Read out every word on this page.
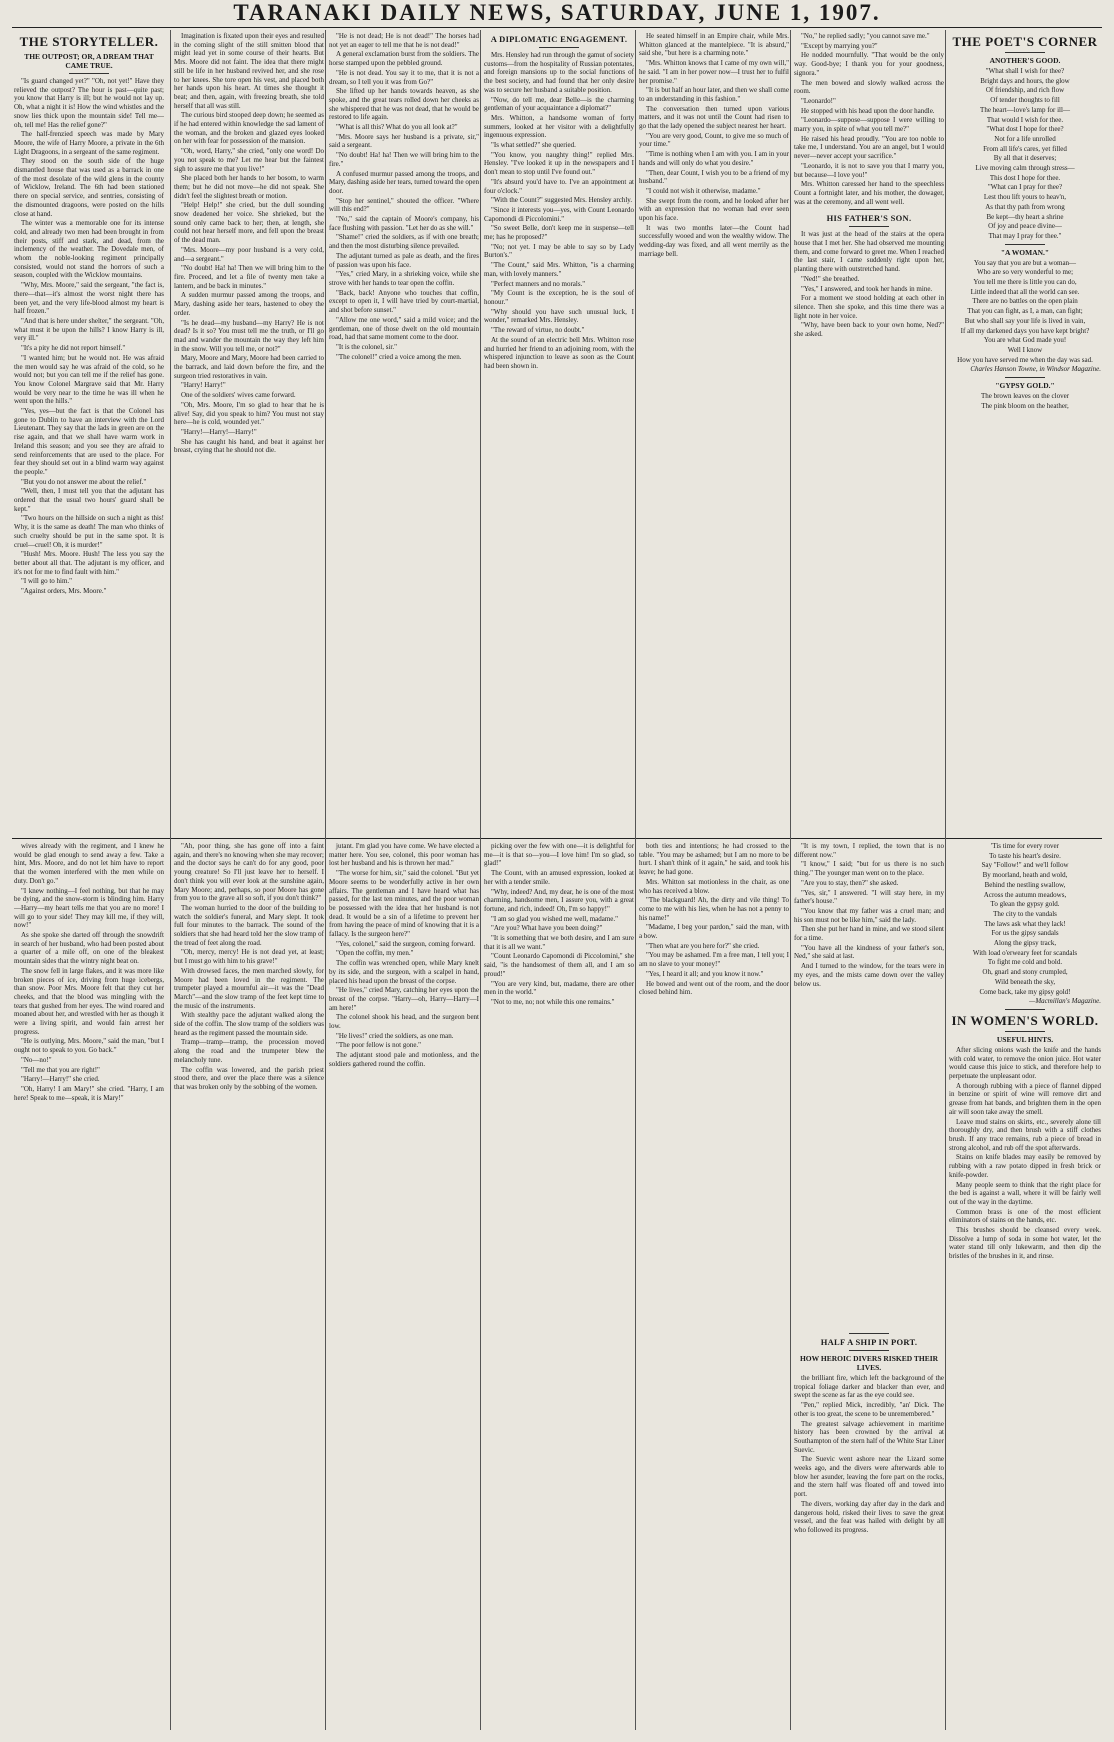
TARANAKI DAILY NEWS, SATURDAY, JUNE 1, 1907.
THE STORYTELLER.
THE OUTPOST; OR, A DREAM THAT CAME TRUE.

"Is guard changed yet?" "Oh, not yet!" Have they relieved the outpost? The hour is past—quite past; you know that Harry is ill; but he would not lay up. Oh, what a night it is! How the wind whistles and the snow lies thick upon the mountain side! Tell me—oh, tell me! Has the relief gone?"

The half-frenzied speech was made by Mary Moore, the wife of Harry Moore, a private in the 6th Light Dragoons, in a sergeant of the same regiment.

They stood on the south side of the huge dismantled house that was used as a barrack in one of the most desolate of the wild glens in the county of Wicklow, Ireland. The 6th had been stationed there on special service, and sentries, consisting of the dismounted dragoons, were posted on the hills close at hand.

The winter was a memorable one for its intense cold, and already two men had been brought in from their posts, stiff and stark, and dead, from the inclemency of the weather. The Dovedale men, of whom the noble-looking regiment principally consisted, would not stand the horrors of such a season, coupled with the Wicklow mountains.

"Why, Mrs. Moore," said the sergeant, "the fact is, there—that—it's almost the worst night there has been yet, and the very life-blood almost my heart is half frozen."

"And that is here under shelter," the sergeant. "Oh, what must it be upon the hills? I know Harry is ill, very ill."

"It's a pity he did not report himself."

"I wanted him; but he would not. He was afraid the men would say he was afraid of the cold, so he would not; but you can tell me if the relief has gone. You know Colonel Margrave said that Mr. Harry would be very near to the time he was ill when he went upon the hills."

"Yes, yes—but the fact is that the Colonel has gone to Dublin to have an interview with the Lord Lieutenant. They say that the lads in green are on the rise again, and that we shall have warm work in Ireland this season; and you see they are afraid to send reinforcements that are used to the place. For fear they should set out in a blind warm way against the people."

"But you do not answer me about the relief."

"Well, then, I must tell you that the adjutant has ordered that the usual two hours' guard shall be kept."

"Two hours on the hillside on such a night as this! Why, it is the same as death! The man who thinks of such cruelty should be put in the same spot. It is cruel—cruel! Oh, it is murder!"

"Hush! Mrs. Moore. Hush! The less you say the better about all that. The adjutant is my officer, and it's not for me to find fault with him."

"I will go to him."

"Against orders, Mrs. Moore."

Imagination is fixated upon their eyes and resulted in the coming slight of the still smitten blood that might lead yet in some course of their hearts. But Mrs. Moore did not faint. The idea that there might still be life in her husband revived her, and she rose to her knees. She tore open his vest, and placed both her hands upon his heart. At times she thought it beat; and then, again, with freezing breath, she told herself that all was still.

The curious bird stooped deep down; he seemed as if he had entered within knowledge the sad lament of the woman, and the broken and glazed eyes looked on her with fear for possession of the mansion.

"Oh, word, Harry," she cried, "only one word! Do you not speak to me? Let me hear but the faintest sigh to assure me that you live!"

She placed both her hands to her bosom, to warm them; but he did not move—he did not speak. She didn't feel the slightest breath or motion.

"Help! Help!" she cried, but the dull sounding snow deadened her voice. She shrieked, but the sound only came back to her; then, at length, she could not hear herself more, and fell upon the breast of the dead man.

"Mrs. Moore—my poor husband is a very cold, and—a sergeant."

"No doubt! Ha! ha! Then we will bring him to the fire. Proceed, and let a file of twenty men take a lantern, and be back in minutes."

A sudden murmur passed among the troops, and Mary, dashing aside her tears, hastened to obey the order.

"Is he dead—my husband—my Harry? He is not dead? Is it so? You must tell me the truth, or I'll go mad and wander the mountain the way they left him in the snow. Will you tell me, or not?"

Mary, Moore and Mary, Moore had been carried to the barrack, and laid down before the fire, and the surgeon tried restoratives in vain.

"Harry! Harry!"

One of the soldiers' wives came forward.

"Oh, Mrs. Moore, I'm so glad to hear that he is alive! Say, did you speak to him? You must not stay here—he is cold, wounded yet."

"Harry!—Harry!—Harry!"

She has caught his hand, and beat it against her breast, crying that he should not die.

"He is not dead; He is not dead!" The horses had not yet an eager to tell me that he is not dead!"

A general exclamation burst from the soldiers. The horse stamped upon the pebbled ground.

"He is not dead. You say it to me, that it is not a dream, so I tell you it was from Go?"

She lifted up her hands towards heaven, as she spoke, and the great tears rolled down her cheeks as she whispered that he was not dead, that he would be restored to life again.

"What is all this? What do you all look at?"

"Mrs. Moore says her husband is a private, sir," said a sergeant.

"No doubt! Ha! ha! Then we will bring him to the fire."

A confused murmur passed among the troops, and Mary, dashing aside her tears, turned toward the open door.

"Stop her sentinel," shouted the officer. "Where will this end?"

"No," said the captain of Moore's company, his face flushing with passion. "Let her do as she will."

"Shame!" cried the soldiers, as if with one breath; and then the most disturbing silence prevailed.

The adjutant turned as pale as death, and the fires of passion was upon his face.

"Yes," cried Mary, in a shrieking voice, while she strove with her hands to tear open the coffin.

"Back, back! Anyone who touches that coffin, except to open it, I will have tried by court-martial, and shot before sunset."

"Allow me one word," said a mild voice; and the gentleman, one of those dwelt on the old mountain road, had that same moment come to the door.

"It is the colonel, sir."

"The colonel!" cried a voice among the men.

A DIPLOMATIC ENGAGEMENT.

Mrs. Hensley had run through the gamut of society customs—from the hospitality of Russian potentates, and foreign mansions up to the social functions of the best society, and had found that her only desire was to secure her husband a suitable position.

"Now, do tell me, dear Belle—is the charming gentleman of your acquaintance a diplomat?"

Mrs. Whitton, a handsome woman of forty summers, looked at her visitor with a delightfully ingenuous expression.

"Is what settled?" she queried.

"You know, you naughty thing!" replied Mrs. Hensley. "I've looked it up in the newspapers and I don't mean to stop until I've found out."

"It's absurd you'd have to. I've an appointment at four o'clock."

"With the Count?" suggested Mrs. Hensley archly.

"Since it interests you—yes, with Count Leonardo Capomondi di Piccolomini."

"So sweet Belle, don't keep me in suspense—tell me; has he proposed?"

"No; not yet. I may be able to say so by Lady Burton's."

"The Count," said Mrs. Whitton, "is a charming man, with lovely manners."

"Perfect manners and no morals."

"My Count is the exception, he is the soul of honour."

"Why should you have such unusual luck, I wonder," remarked Mrs. Hensley.

"The reward of virtue, no doubt."

At the sound of an electric bell Mrs. Whitton rose and hurried her friend to an adjoining room, with the whispered injunction to leave as soon as the Count had been shown in.

He seated himself in an Empire chair, while Mrs. Whitton glanced at the mantelpiece. "It is absurd," said she, "but here is a charming note."

"Mrs. Whitton knows that I came of my own will," he said. "I am in her power now—I trust her to fulfil her promise."

"It is but half an hour later, and then we shall come to an understanding in this fashion."

The conversation then turned upon various matters, and it was not until the Count had risen to go that the lady opened the subject nearest her heart.

"You are very good, Count, to give me so much of your time."

"Time is nothing when I am with you. I am in your hands and will only do what you desire."

"Then, dear Count, I wish you to be a friend of my husband."

"I could not wish it otherwise, madame."

She swept from the room, and he looked after her with an expression that no woman had ever seen upon his face.

It was two months later—the Count had successfully wooed and won the wealthy widow. The wedding-day was fixed, and all went merrily as the marriage bell.

"No," he replied sadly; "you cannot save me."

"Except by marrying you?"

He nodded mournfully. "That would be the only way. Good-bye; I thank you for your goodness, signora."

The men bowed and slowly walked across the room.

"Leonardo!"

He stopped with his head upon the door handle.

"Leonardo—suppose—suppose I were willing to marry you, in spite of what you tell me?"

He raised his head proudly. "You are too noble to take me, I understand. You are an angel, but I would never—never accept your sacrifice."

"Leonardo, it is not to save you that I marry you, but because—I love you!"

Mrs. Whitton caressed her hand to the speechless Count a fortnight later, and his mother, the dowager, was at the ceremony, and all went well.

HIS FATHER'S SON.

It was just at the head of the stairs at the opera house that I met her. She had observed me mounting them, and come forward to greet me. When I reached the last stair, I came suddenly right upon her, planting there with outstretched hand.

"Ned!" she breathed.

"Yes," I answered, and took her hands in mine.

For a moment we stood holding at each other in silence. Then she spoke, and this time there was a light note in her voice.

"Why, have been back to your own home, Ned?" she asked.

THE POET'S CORNER
ANOTHER'S GOOD.

"What shall I wish for thee?

Bright days and hours, the glow

Of friendship, and rich flow

Of tender thoughts to fill

The heart—love's lamp for ill—

That would I wish for thee.

"What dost I hope for thee?

Not for a life unrolled

From all life's cares, yet filled

By all that it deserves;

Live moving calm through stress—

This dost I hope for thee.

"What can I pray for thee?

Lest thou lift yours to heav'n,

As that thy path from wrong

Be kept—thy heart a shrine

Of joy and peace divine—

That may I pray for thee."

"A WOMAN."

You say that you are but a woman—

Who are so very wonderful to me;

You tell me there is little you can do,

Little indeed that all the world can see.

There are no battles on the open plain

That you can fight, as I, a man, can fight;

But who shall say your life is lived in vain,

If all my darkened days you have kept bright?

You are what God made you!

Well I know

How you have served me when the day was sad.

Charles Hanson Towne, in Windsor Magazine.

"GYPSY GOLD."

The brown leaves on the clover

The pink bloom on the heather,

wives already with the regiment, and I knew he would be glad enough to send away a few. Take a hint, Mrs. Moore, and do not let him have to report that the women interfered with the men while on duty. Don't go."

"I knew nothing—I feel nothing, but that he may be dying, and the snow-storm is blinding him. Harry—Harry—my heart tells me that you are no more! I will go to your side! They may kill me, if they will, now!"

As she spoke she darted off through the snowdrift in search of her husband, who had been posted about a quarter of a mile off, on one of the bleakest mountain sides that the wintry night beat on.

The snow fell in large flakes, and it was more like broken pieces of ice, driving from huge icebergs, than snow. Poor Mrs. Moore felt that they cut her cheeks, and that the blood was mingling with the tears that gushed from her eyes. The wind roared and moaned about her, and wrestled with her as though it were a living spirit, and would fain arrest her progress.

"He is outlying, Mrs. Moore," said the man, "but I ought not to speak to you. Go back."

"No—no!"

"Tell me that you are right!"

"Harry!—Harry!" she cried.

"Oh, Harry! I am Mary!" she cried. "Harry, I am here! Speak to me—speak, it is Mary!"

"Ah, poor thing, she has gone off into a faint again, and there's no knowing when she may recover; and the doctor says he can't do for any good, poor young creature! So I'll just leave her to herself. I don't think you will ever look at the sunshine again, Mary Moore; and, perhaps, so poor Moore has gone from you to the grave all so soft, if you don't think?"

The woman hurried to the door of the building to watch the soldier's funeral, and Mary slept. It took full four minutes to the barrack. The sound of the soldiers that she had heard told her the slow tramp of the tread of feet along the road.

"Oh, mercy, mercy! He is not dead yet, at least; but I must go with him to his grave!"

With drowsed faces, the men marched slowly, for Moore had been loved in the regiment. The trumpeter played a mournful air—it was the "Dead March"—and the slow tramp of the feet kept time to the music of the instruments.

With stealthy pace the adjutant walked along the side of the coffin. The slow tramp of the soldiers was heard as the regiment passed the mountain side.

Tramp—tramp—tramp, the procession moved along the road and the trumpeter blew the melancholy tune.

The coffin was lowered, and the parish priest stood there, and over the place there was a silence that was broken only by the sobbing of the women.

jutant. I'm glad you have come. We have elected a matter here. You see, colonel, this poor woman has lost her husband and his is thrown her mad."

"The worse for him, sir," said the colonel. "But yet Moore seems to be wonderfully active in her own affairs. The gentleman and I have heard what has passed, for the last ten minutes, and the poor woman be possessed with the idea that her husband is not dead. It would be a sin of a lifetime to prevent her from having the peace of mind of knowing that it is a fallacy. Is the surgeon here?"

"Yes, colonel," said the surgeon, coming forward.

"Open the coffin, my men."

The coffin was wrenched open, while Mary knelt by its side, and the surgeon, with a scalpel in hand, placed his head upon the breast of the corpse.

"He lives," cried Mary, catching her eyes upon the breast of the corpse. "Harry—oh, Harry—Harry—I am here!"

The colonel shook his head, and the surgeon bent low.

"He lives!" cried the soldiers, as one man.

"The poor fellow is not gone."

The adjutant stood pale and motionless, and the soldiers gathered round the coffin.

picking over the few with one—it is delightful for me—it is that so—you—I love him! I'm so glad, so glad!"

The Count, with an amused expression, looked at her with a tender smile.

"Why, indeed? And, my dear, he is one of the most charming, handsome men, I assure you, with a great fortune, and rich, indeed! Oh, I'm so happy!"

"I am so glad you wished me well, madame."

"Are you? What have you been doing?"

"It is something that we both desire, and I am sure that it is all we want."

"Count Leonardo Capomondi di Piccolomini," she said, "is the handsomest of them all, and I am so proud!"

"You are very kind, but, madame, there are other men in the world."

"Not to me, no; not while this one remains."

both ties and intentions; he had crossed to the table. "You may be ashamed; but I am no more to be hurt. I shan't think of it again," he said, and took his leave; he had gone.

Mrs. Whitton sat motionless in the chair, as one who has received a blow.

"The blackguard! Ah, the dirty and vile thing! To come to me with his lies, when he has not a penny to his name!"

"Madame, I beg your pardon," said the man, with a bow.

"Then what are you here for?" she cried.

"You may be ashamed. I'm a free man, I tell you; I am no slave to your money!"

"Yes, I heard it all; and you know it now."

He bowed and went out of the room, and the door closed behind him.

"It is my town, I replied, the town that is no different now."

"I know," I said; "but for us there is no such thing." The younger man went on to the place.

"Are you to stay, then?" she asked.

"Yes, sir," I answered. "I will stay here, in my father's house."

"You know that my father was a cruel man; and his son must not be like him," said the lady.

Then she put her hand in mine, and we stood silent for a time.

"You have all the kindness of your father's son, Ned," she said at last.

And I turned to the window, for the tears were in my eyes, and the mists came down over the valley below us.

'Tis time for every rover

To taste his heart's desire.

Say "Follow!" and we'll follow

By moorland, heath and wold,

Behind the nestling swallow,

Across the autumn meadows,

To glean the gypsy gold.

The city to the vandals

The laws ask what they lack!

For us the gipsy sandals

Along the gipsy track,

With load o'erweary feet for scandals

To fight me cold and bold.

Oh, gnarl and stony crumpled,

Wild beneath the sky,

Come back, take my gipsy gold!

—Macmillan's Magazine.

IN WOMEN'S WORLD.
USEFUL HINTS.

After slicing onions wash the knife and the hands with cold water, to remove the onion juice. Hot water would cause this juice to stick, and therefore help to perpetuate the unpleasant odor.

A thorough rubbing with a piece of flannel dipped in benzine or spirit of wine will remove dirt and grease from hat bands, and brighten them in the open air will soon take away the smell.

Leave mud stains on skirts, etc., severely alone till thoroughly dry, and then brush with a stiff clothes brush. If any trace remains, rub a piece of bread in strong alcohol, and rub off the spot afterwards.

Stains on knife blades may easily be removed by rubbing with a raw potato dipped in fresh brick or knife-powder.

Many people seem to think that the right place for the bed is against a wall, where it will be fairly well out of the way in the daytime.

Common brass is one of the most efficient eliminators of stains on the hands, etc.

This brushes should be cleansed every week. Dissolve a lump of soda in some hot water, let the water stand till only lukewarm, and then dip the bristles of the brushes in it, and rinse.

HALF A SHIP IN PORT.
HOW HEROIC DIVERS RISKED THEIR LIVES.

the brilliant fire, which left the background of the tropical foliage darker and blacker than ever, and swept the scene as far as the eye could see.

"Pen," replied Mick, incredibly, "an' Dick. The other is too great, the scene to be unremembered."

The greatest salvage achievement in maritime history has been crowned by the arrival at Southampton of the stern half of the White Star Liner Suevic.

The Suevic went ashore near the Lizard some weeks ago, and the divers were afterwards able to blow her asunder, leaving the fore part on the rocks, and the stern half was floated off and towed into port.

The divers, working day after day in the dark and dangerous hold, risked their lives to save the great vessel, and the feat was hailed with delight by all who followed its progress.
